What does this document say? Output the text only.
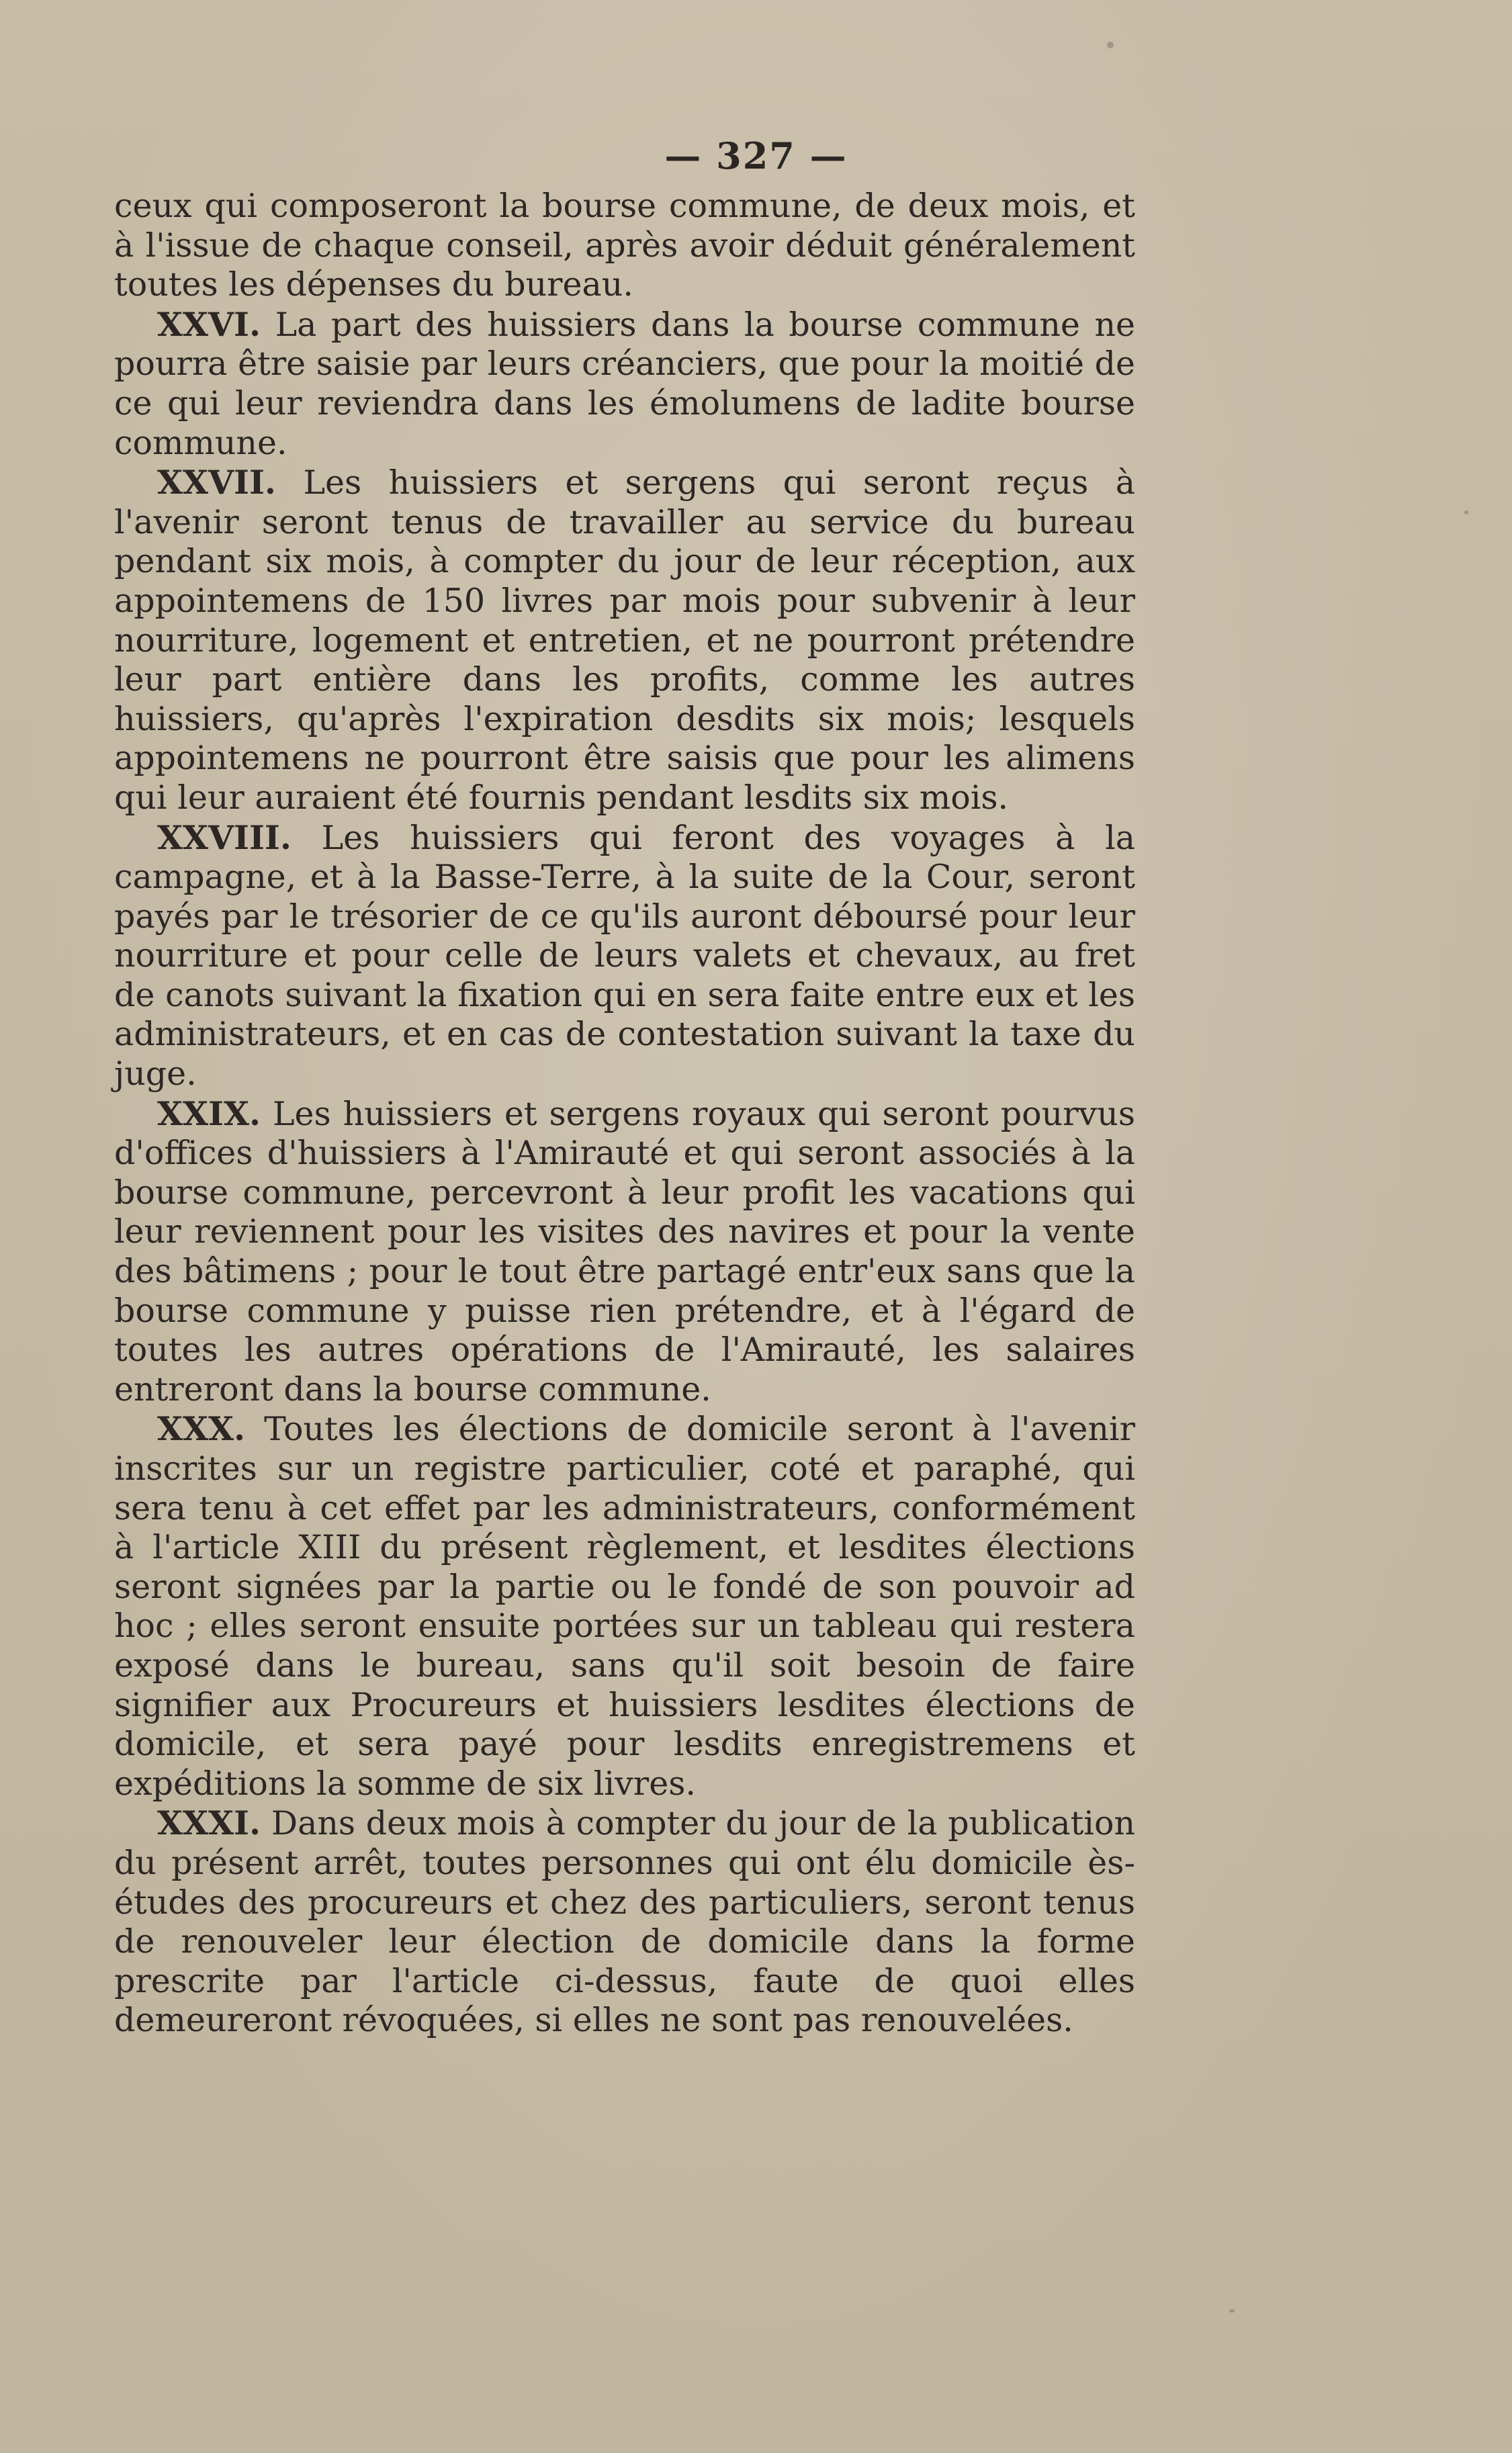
— 327 —

ceux qui composeront la bourse commune, de deux mois, et à l'issue de chaque conseil, après avoir déduit généralement toutes les dépenses du bureau.

XXVI. La part des huissiers dans la bourse commune ne pourra être saisie par leurs créanciers, que pour la moitié de ce qui leur reviendra dans les émolumens de ladite bourse commune.

XXVII. Les huissiers et sergens qui seront reçus à l'avenir seront tenus de travailler au service du bureau pendant six mois, à compter du jour de leur réception, aux appointemens de 150 livres par mois pour subvenir à leur nourriture, logement et entretien, et ne pourront prétendre leur part entière dans les profits, comme les autres huissiers, qu'après l'expiration desdits six mois; lesquels appointemens ne pourront être saisis que pour les alimens qui leur auraient été fournis pendant lesdits six mois.

XXVIII. Les huissiers qui feront des voyages à la campagne, et à la Basse-Terre, à la suite de la Cour, seront payés par le trésorier de ce qu'ils auront déboursé pour leur nourriture et pour celle de leurs valets et chevaux, au fret de canots suivant la fixation qui en sera faite entre eux et les administrateurs, et en cas de contestation suivant la taxe du juge.

XXIX. Les huissiers et sergens royaux qui seront pourvus d'offices d'huissiers à l'Amirauté et qui seront associés à la bourse commune, percevront à leur profit les vacations qui leur reviennent pour les visites des navires et pour la vente des bâtimens ; pour le tout être partagé entr'eux sans que la bourse commune y puisse rien prétendre, et à l'égard de toutes les autres opérations de l'Amirauté, les salaires entreront dans la bourse commune.

XXX. Toutes les élections de domicile seront à l'avenir inscrites sur un registre particulier, coté et paraphé, qui sera tenu à cet effet par les administrateurs, conformément à l'article XIII du présent règlement, et lesdites élections seront signées par la partie ou le fondé de son pouvoir ad hoc ; elles seront ensuite portées sur un tableau qui restera exposé dans le bureau, sans qu'il soit besoin de faire signifier aux Procureurs et huissiers lesdites élections de domicile, et sera payé pour lesdits enregistremens et expéditions la somme de six livres.

XXXI. Dans deux mois à compter du jour de la publication du présent arrêt, toutes personnes qui ont élu domicile ès-études des procureurs et chez des particuliers, seront tenus de renouveler leur élection de domicile dans la forme prescrite par l'article ci-dessus, faute de quoi elles demeureront révoquées, si elles ne sont pas renouvelées.
